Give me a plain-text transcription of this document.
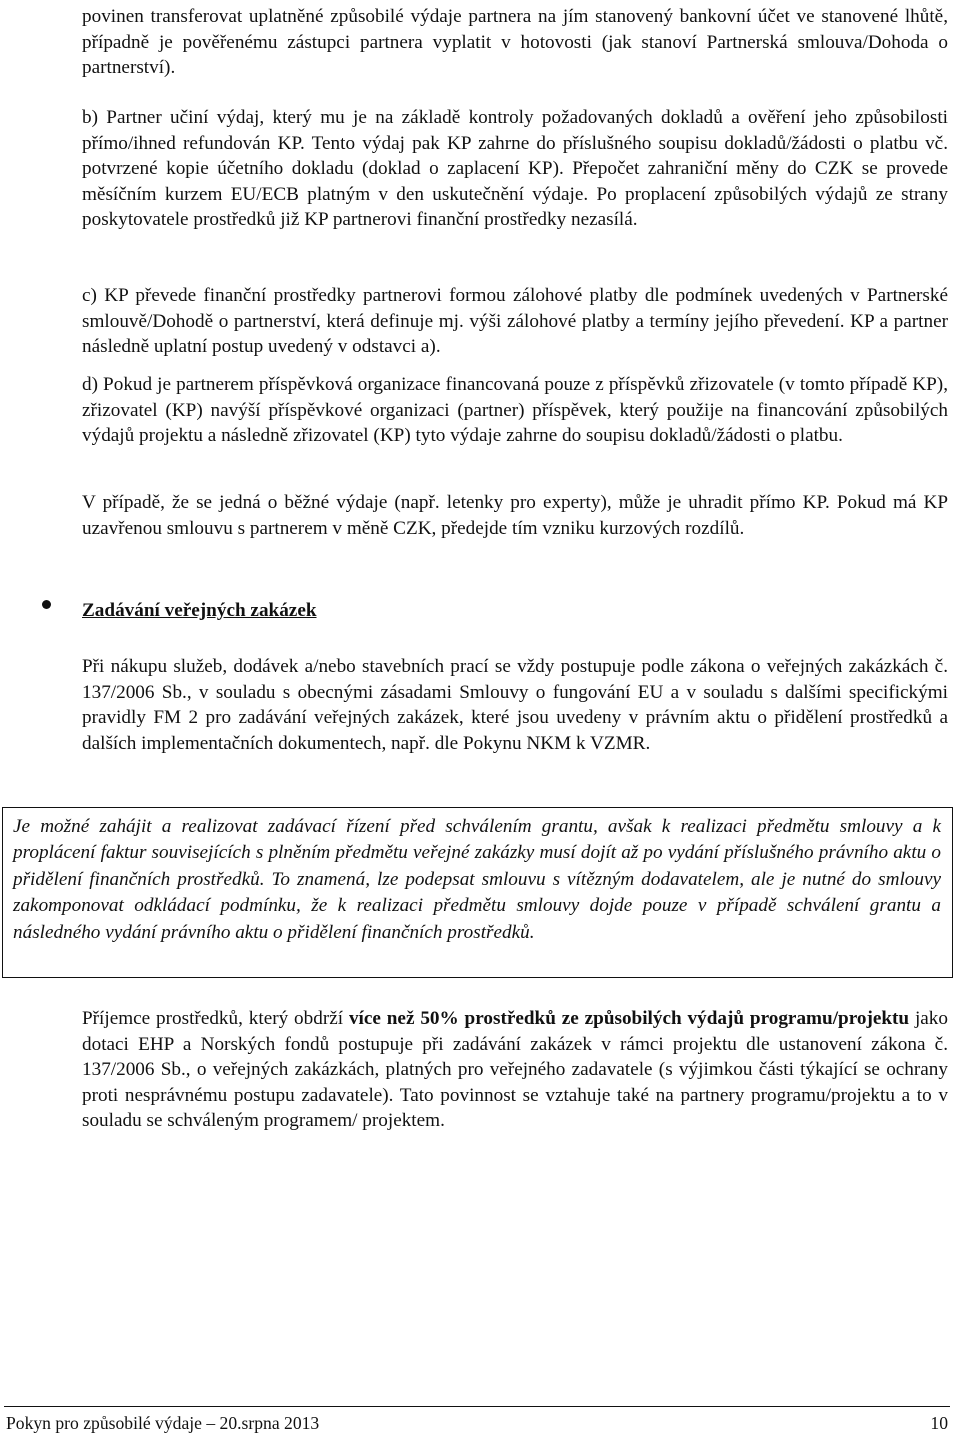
povinen transferovat uplatněné způsobilé výdaje partnera na jím stanovený bankovní účet ve stanovené lhůtě, případně je pověřenému zástupci partnera vyplatit v hotovosti (jak stanoví Partnerská smlouva/Dohoda o partnerství).

b) Partner učiní výdaj, který mu je na základě kontroly požadovaných dokladů a ověření jeho způsobilosti přímo/ihned refundován KP. Tento výdaj pak KP zahrne do příslušného soupisu dokladů/žádosti o platbu vč. potvrzené kopie účetního dokladu (doklad o zaplacení KP). Přepočet zahraniční měny do CZK se provede měsíčním kurzem EU/ECB platným v den uskutečnění výdaje. Po proplacení způsobilých výdajů ze strany poskytovatele prostředků již KP partnerovi finanční prostředky nezasílá.

c) KP převede finanční prostředky partnerovi formou zálohové platby dle podmínek uvedených v Partnerské smlouvě/Dohodě o partnerství, která definuje mj. výši zálohové platby a termíny jejího převedení. KP a partner následně uplatní postup uvedený v odstavci a).

d) Pokud je partnerem příspěvková organizace financovaná pouze z příspěvků zřizovatele (v tomto případě KP), zřizovatel (KP) navýší příspěvkové organizaci (partner) příspěvek, který použije na financování způsobilých výdajů projektu a následně zřizovatel (KP) tyto výdaje zahrne do soupisu dokladů/žádosti o platbu.

V případě, že se jedná o běžné výdaje (např. letenky pro experty), může je uhradit přímo KP. Pokud má KP uzavřenou smlouvu s partnerem v měně CZK, předejde tím vzniku kurzových rozdílů.

Zadávání veřejných zakázek

Při nákupu služeb, dodávek a/nebo stavebních prací se vždy postupuje podle zákona o veřejných zakázkách č. 137/2006 Sb., v souladu s obecnými zásadami Smlouvy o fungování EU a v souladu s dalšími specifickými pravidly FM 2 pro zadávání veřejných zakázek, které jsou uvedeny v právním aktu o přidělení prostředků a dalších implementačních dokumentech, např. dle Pokynu NKM k VZMR.

Je možné zahájit a realizovat zadávací řízení před schválením grantu, avšak k realizaci předmětu smlouvy a k proplácení faktur souvisejících s plněním předmětu veřejné zakázky musí dojít až po vydání příslušného právního aktu o přidělení finančních prostředků. To znamená, lze podepsat smlouvu s vítězným dodavatelem, ale je nutné do smlouvy zakomponovat odkládací podmínku, že k realizaci předmětu smlouvy dojde pouze v případě schválení grantu a následného vydání právního aktu o přidělení finančních prostředků.

Příjemce prostředků, který obdrží více než 50% prostředků ze způsobilých výdajů programu/projektu jako dotaci EHP a Norských fondů postupuje při zadávání zakázek v rámci projektu dle ustanovení zákona č. 137/2006 Sb., o veřejných zakázkách, platných pro veřejného zadavatele (s výjimkou části týkající se ochrany proti nesprávnému postupu zadavatele). Tato povinnost se vztahuje také na partnery programu/projektu a to v souladu se schváleným programem/ projektem.

Pokyn pro způsobilé výdaje – 20.srpna 2013	10
